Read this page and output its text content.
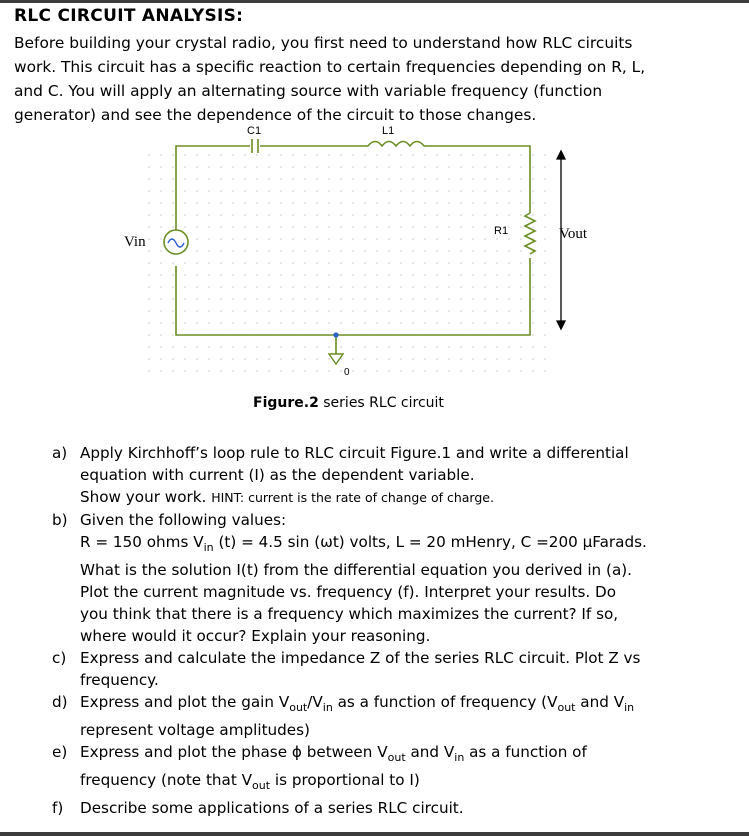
RLC CIRCUIT ANALYSIS:
Before building your crystal radio, you first need to understand how RLC circuits
work. This circuit has a specific reaction to certain frequencies depending on R, L,
and C. You will apply an alternating source with variable frequency (function
generator) and see the dependence of the circuit to those changes.
C1	L1
Vin
R1	Vout
0
Figure.2 series RLC circuit
a) Apply Kirchhoff’s loop rule to RLC circuit Figure.1 and write a differential
equation with current (I) as the dependent variable.
Show your work. HINT: current is the rate of change of charge.
b) Given the following values:
R = 150 ohms $V_{in}$ (t) = 4.5 sin (ωt) volts, L = 20 mHenry, C =200 μFarads.
What is the solution I(t) from the differential equation you derived in (a).
Plot the current magnitude vs. frequency (f). Interpret your results. Do
you think that there is a frequency which maximizes the current? If so,
where would it occur? Explain your reasoning.
c) Express and calculate the impedance Z of the series RLC circuit. Plot Z vs
frequency.
d) Express and plot the gain $V_{out}/V_{in}$ as a function of frequency ($V_{out}$ and $V_{in}$
represent voltage amplitudes)
e) Express and plot the phase ϕ between $V_{out}$ and $V_{in}$ as a function of
frequency (note that $V_{out}$ is proportional to I)
f) Describe some applications of a series RLC circuit.
